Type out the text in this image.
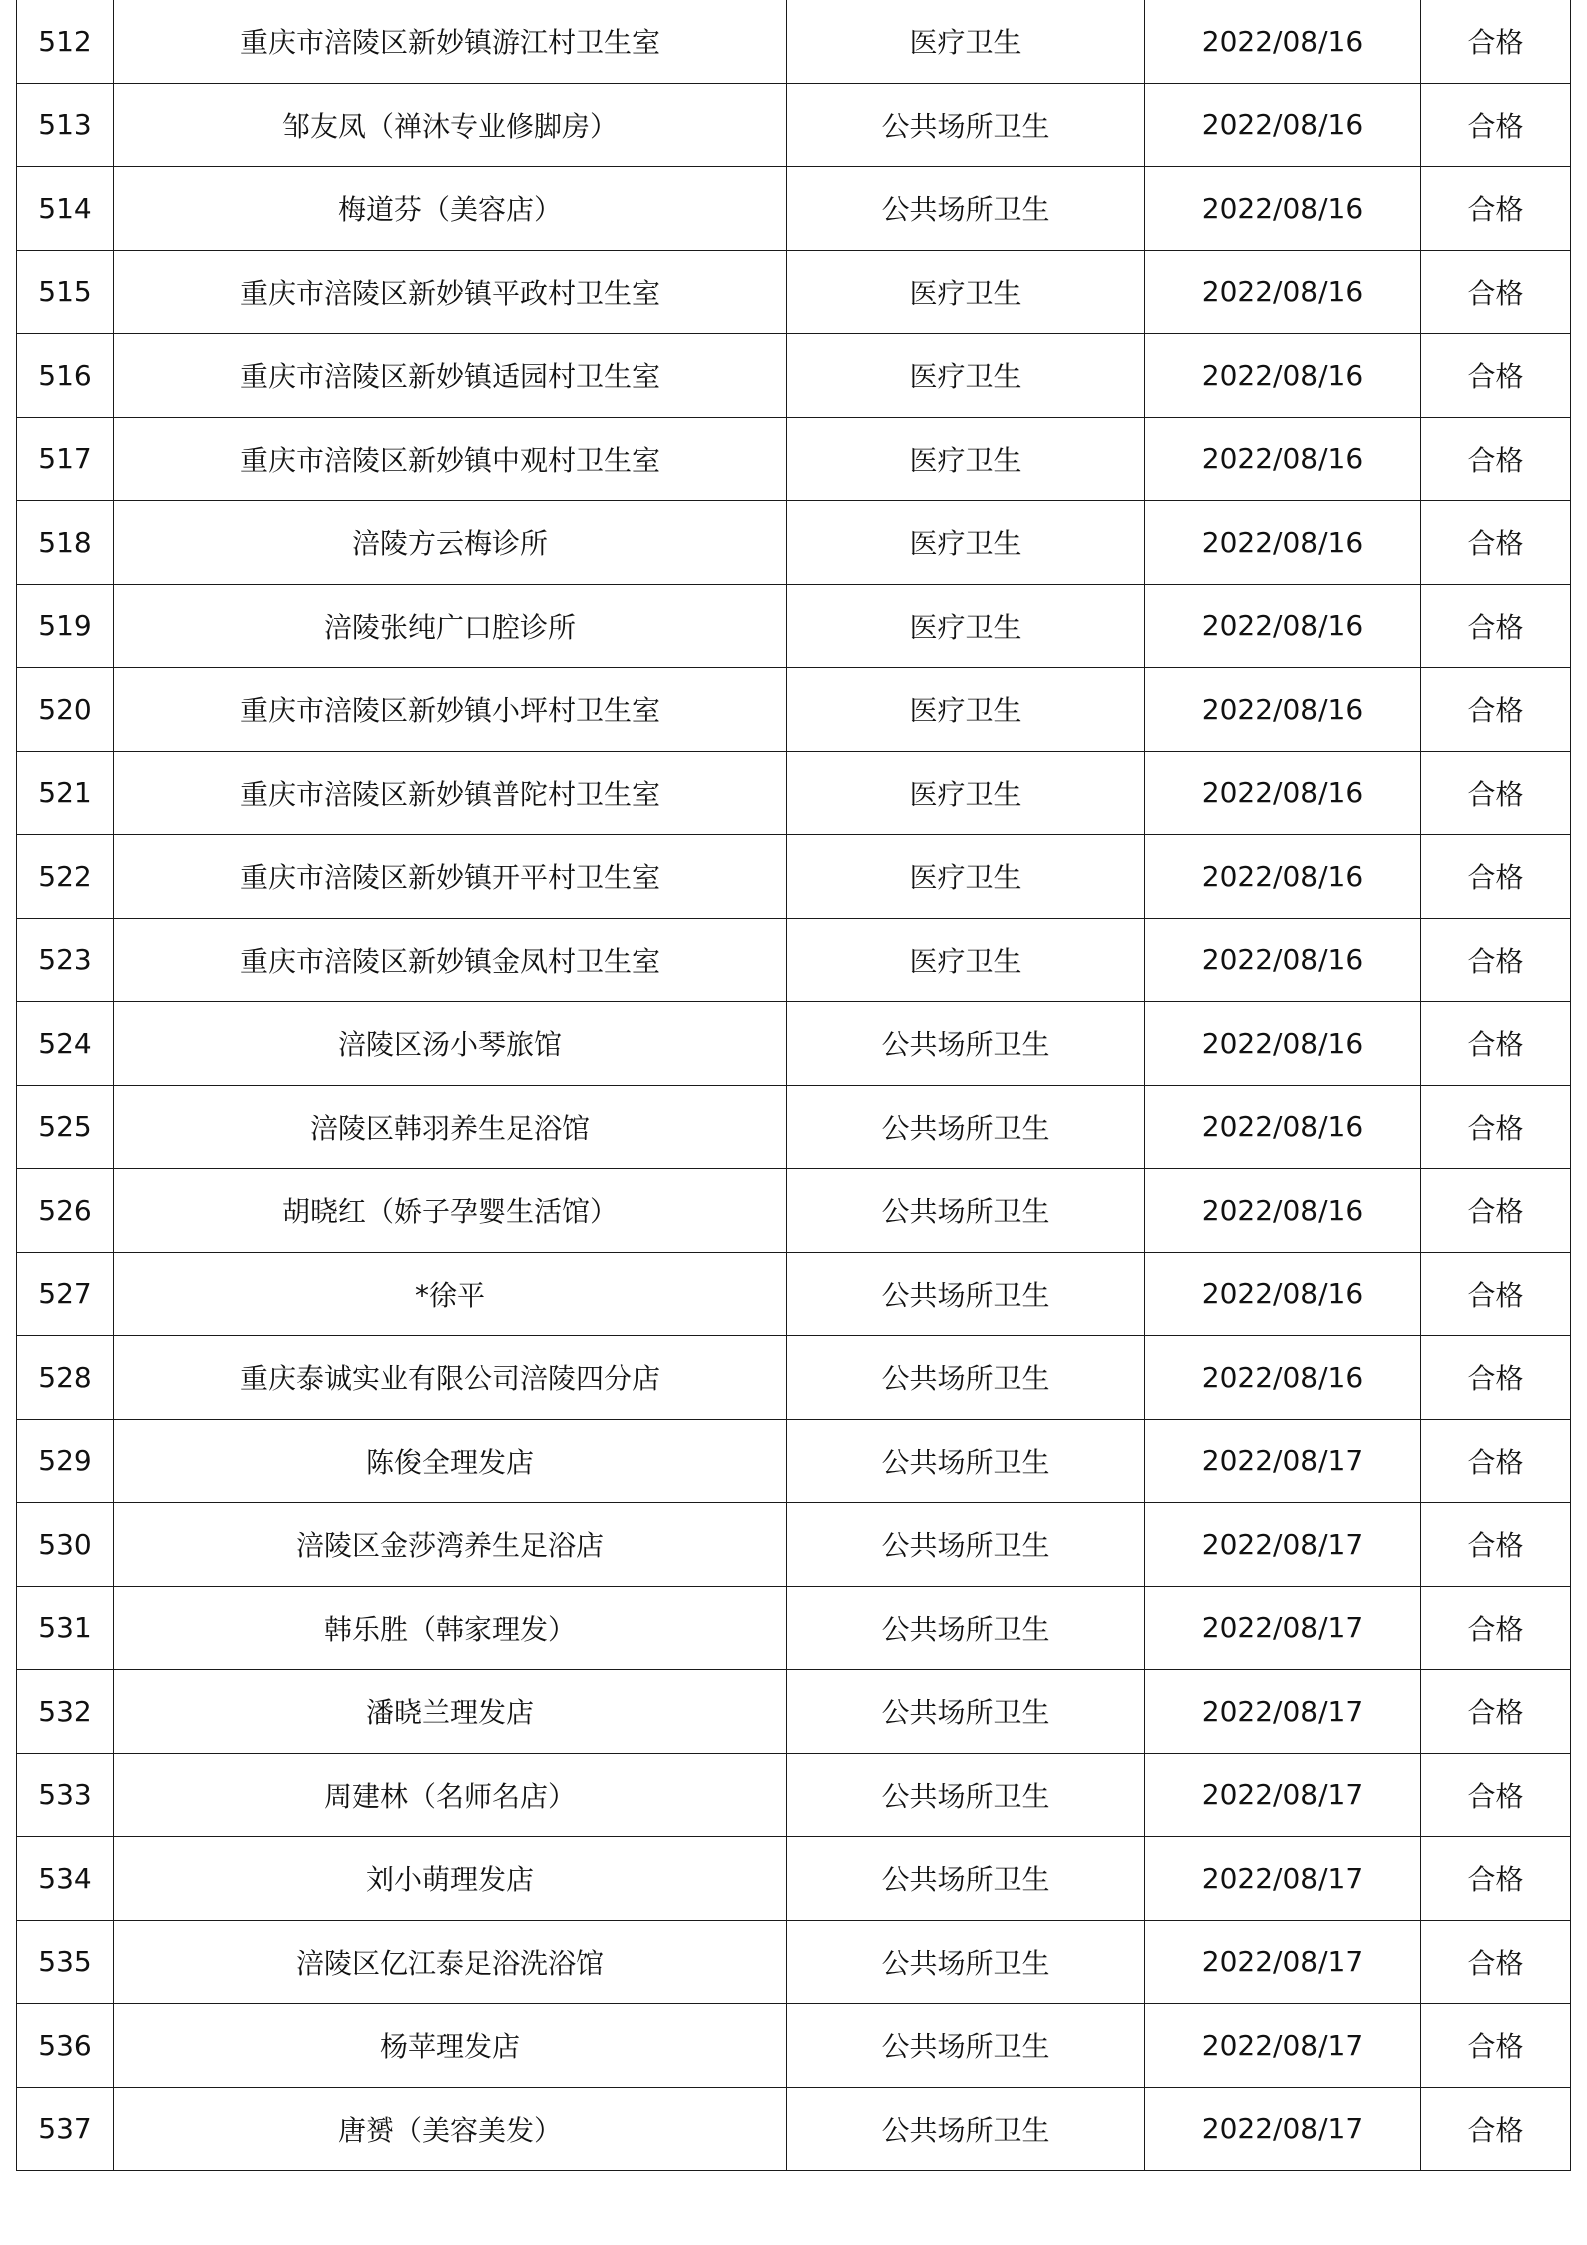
512	重庆市涪陵区新妙镇游江村卫生室	医疗卫生	2022/08/16	合格
513	邹友凤（禅沐专业修脚房）	公共场所卫生	2022/08/16	合格
514	梅道芬（美容店）	公共场所卫生	2022/08/16	合格
515	重庆市涪陵区新妙镇平政村卫生室	医疗卫生	2022/08/16	合格
516	重庆市涪陵区新妙镇适园村卫生室	医疗卫生	2022/08/16	合格
517	重庆市涪陵区新妙镇中观村卫生室	医疗卫生	2022/08/16	合格
518	涪陵方云梅诊所	医疗卫生	2022/08/16	合格
519	涪陵张纯广口腔诊所	医疗卫生	2022/08/16	合格
520	重庆市涪陵区新妙镇小坪村卫生室	医疗卫生	2022/08/16	合格
521	重庆市涪陵区新妙镇普陀村卫生室	医疗卫生	2022/08/16	合格
522	重庆市涪陵区新妙镇开平村卫生室	医疗卫生	2022/08/16	合格
523	重庆市涪陵区新妙镇金凤村卫生室	医疗卫生	2022/08/16	合格
524	涪陵区汤小琴旅馆	公共场所卫生	2022/08/16	合格
525	涪陵区韩羽养生足浴馆	公共场所卫生	2022/08/16	合格
526	胡晓红（娇子孕婴生活馆）	公共场所卫生	2022/08/16	合格
527	*徐平	公共场所卫生	2022/08/16	合格
528	重庆泰诚实业有限公司涪陵四分店	公共场所卫生	2022/08/16	合格
529	陈俊全理发店	公共场所卫生	2022/08/17	合格
530	涪陵区金莎湾养生足浴店	公共场所卫生	2022/08/17	合格
531	韩乐胜（韩家理发）	公共场所卫生	2022/08/17	合格
532	潘晓兰理发店	公共场所卫生	2022/08/17	合格
533	周建林（名师名店）	公共场所卫生	2022/08/17	合格
534	刘小萌理发店	公共场所卫生	2022/08/17	合格
535	涪陵区亿江泰足浴洗浴馆	公共场所卫生	2022/08/17	合格
536	杨苹理发店	公共场所卫生	2022/08/17	合格
537	唐赟（美容美发）	公共场所卫生	2022/08/17	合格
